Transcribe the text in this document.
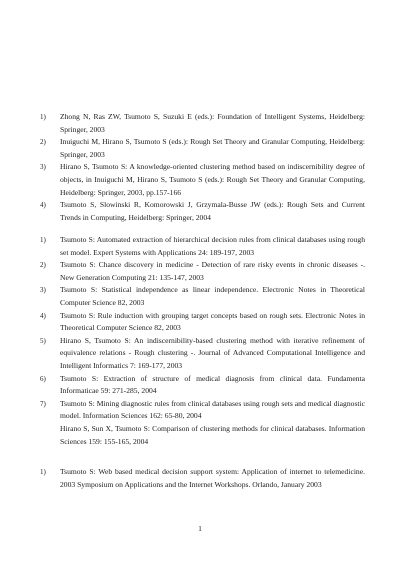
1) Zhong N, Ras ZW, Tsumoto S, Suzuki E (eds.): Foundation of Intelligent Systems, Heidelberg: Springer, 2003
2) Inuiguchi M, Hirano S, Tsumoto S (eds.): Rough Set Theory and Granular Computing, Heidelberg: Springer, 2003
3) Hirano S, Tsumoto S: A knowledge-oriented clustering method based on indiscernibility degree of objects, in Inuiguchi M, Hirano S, Tsumoto S (eds.): Rough Set Theory and Granular Computing, Heidelberg: Springer, 2003, pp.157-166
4) Tsumoto S, Slowinski R, Komorowski J, Grzymala-Busse JW (eds.): Rough Sets and Current Trends in Computing, Heidelberg: Springer, 2004
1) Tsumoto S: Automated extraction of hierarchical decision rules from clinical databases using rough set model. Expert Systems with Applications 24: 189-197, 2003
2) Tsumoto S: Chance discovery in medicine - Detection of rare risky events in chronic diseases -. New Generation Computing 21: 135-147, 2003
3) Tsumoto S: Statistical independence as linear independence. Electronic Notes in Theoretical Computer Science 82, 2003
4) Tsumoto S: Rule induction with grouping target concepts based on rough sets. Electronic Notes in Theoretical Computer Science 82, 2003
5) Hirano S, Tsumoto S: An indiscernibility-based clustering method with iterative refinement of equivalence relations - Rough clustering -. Journal of Advanced Computational Intelligence and Intelligent Informatics 7: 169-177, 2003
6) Tsumoto S: Extraction of structure of medical diagnosis from clinical data. Fundamenta Informaticae 59: 271-285, 2004
7) Tsumoto S: Mining diagnostic rules from clinical databases using rough sets and medical diagnostic model. Information Sciences 162: 65-80, 2004
Hirano S, Sun X, Tsumoto S: Comparison of clustering methods for clinical databases. Information Sciences 159: 155-165, 2004
1) Tsumoto S: Web based medical decision support system: Application of internet to telemedicine. 2003 Symposium on Applications and the Internet Workshops. Orlando, January 2003
1
